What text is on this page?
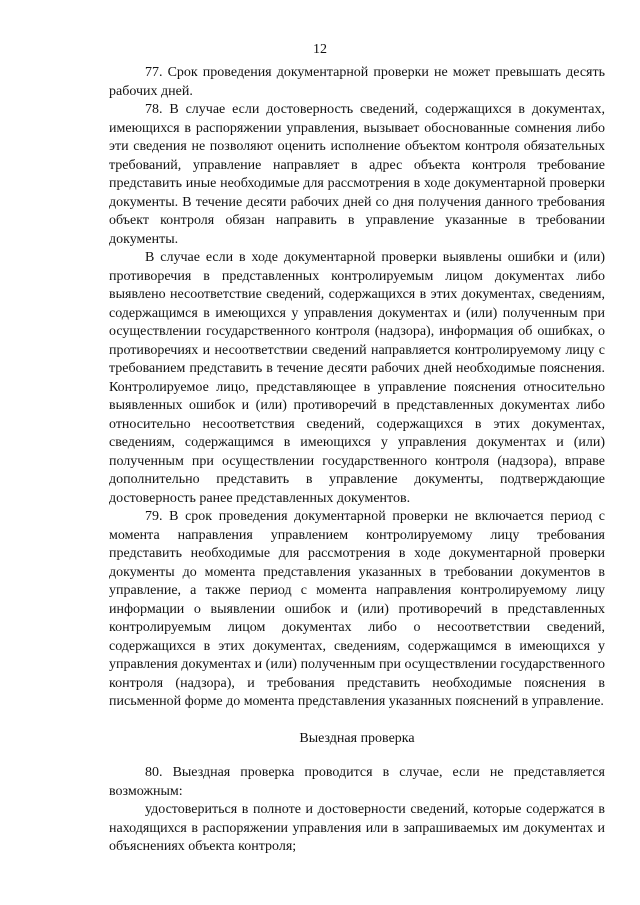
12

77. Срок проведения документарной проверки не может превышать десять рабочих дней.

78. В случае если достоверность сведений, содержащихся в документах, имеющихся в распоряжении управления, вызывает обоснованные сомнения либо эти сведения не позволяют оценить исполнение объектом контроля обязательных требований, управление направляет в адрес объекта контроля требование представить иные необходимые для рассмотрения в ходе документарной проверки документы. В течение десяти рабочих дней со дня получения данного требования объект контроля обязан направить в управление указанные в требовании документы.

В случае если в ходе документарной проверки выявлены ошибки и (или) противоречия в представленных контролируемым лицом документах либо выявлено несоответствие сведений, содержащихся в этих документах, сведениям, содержащимся в имеющихся у управления документах и (или) полученным при осуществлении государственного контроля (надзора), информация об ошибках, о противоречиях и несоответствии сведений направляется контролируемому лицу с требованием представить в течение десяти рабочих дней необходимые пояснения. Контролируемое лицо, представляющее в управление пояснения относительно выявленных ошибок и (или) противоречий в представленных документах либо относительно несоответствия сведений, содержащихся в этих документах, сведениям, содержащимся в имеющихся у управления документах и (или) полученным при осуществлении государственного контроля (надзора), вправе дополнительно представить в управление документы, подтверждающие достоверность ранее представленных документов.

79. В срок проведения документарной проверки не включается период с момента направления управлением контролируемому лицу требования представить необходимые для рассмотрения в ходе документарной проверки документы до момента представления указанных в требовании документов в управление, а также период с момента направления контролируемому лицу информации о выявлении ошибок и (или) противоречий в представленных контролируемым лицом документах либо о несоответствии сведений, содержащихся в этих документах, сведениям, содержащимся в имеющихся у управления документах и (или) полученным при осуществлении государственного контроля (надзора), и требования представить необходимые пояснения в письменной форме до момента представления указанных пояснений в управление.

Выездная проверка

80. Выездная проверка проводится в случае, если не представляется возможным:

удостовериться в полноте и достоверности сведений, которые содержатся в находящихся в распоряжении управления или в запрашиваемых им документах и объяснениях объекта контроля;
